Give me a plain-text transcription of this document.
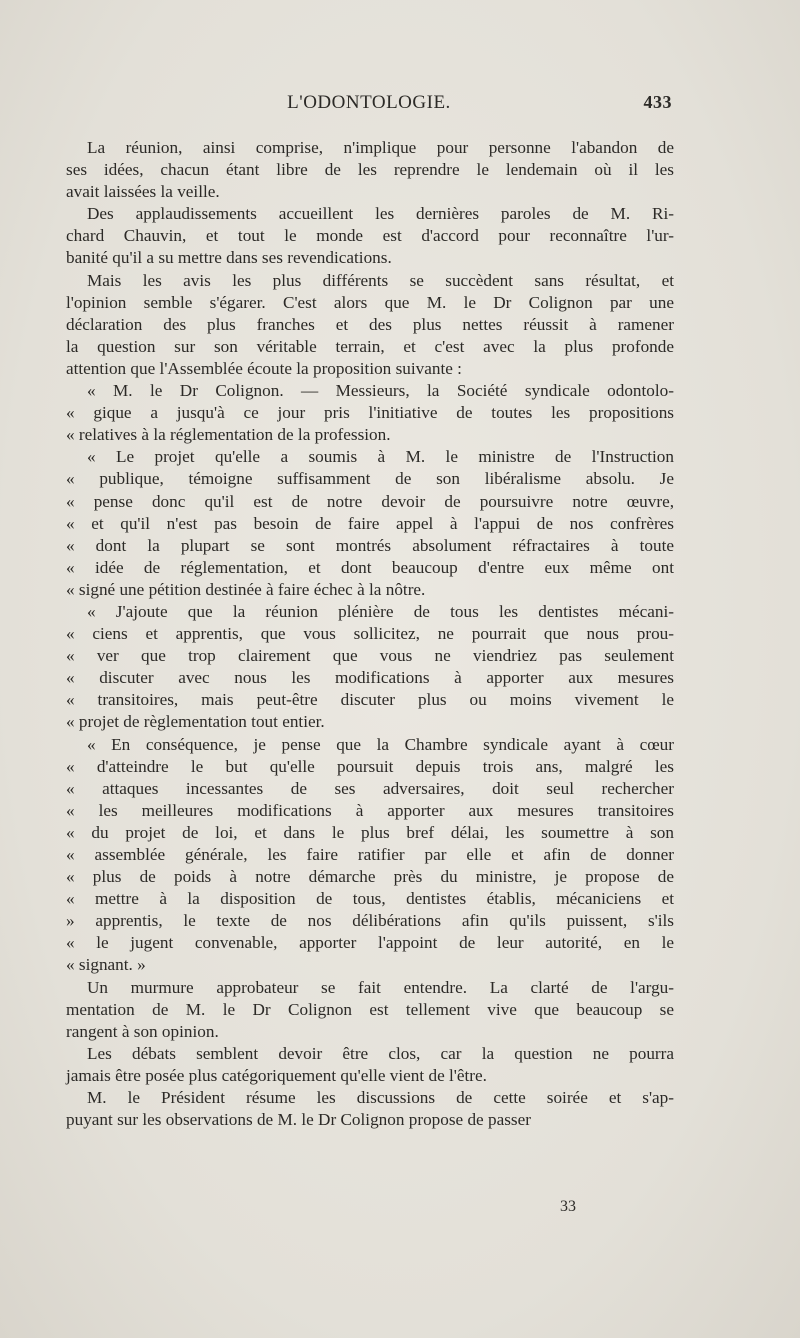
L'ODONTOLOGIE.	433
La réunion, ainsi comprise, n'implique pour personne l'abandon de
ses idées, chacun étant libre de les reprendre le lendemain où il les
avait laissées la veille.
Des applaudissements accueillent les dernières paroles de M. Ri-
chard Chauvin, et tout le monde est d'accord pour reconnaître l'ur-
banité qu'il a su mettre dans ses revendications.
Mais les avis les plus différents se succèdent sans résultat, et
l'opinion semble s'égarer. C'est alors que M. le Dr Colignon par une
déclaration des plus franches et des plus nettes réussit à ramener
la question sur son véritable terrain, et c'est avec la plus profonde
attention que l'Assemblée écoute la proposition suivante :
« M. le Dr Colignon. — Messieurs, la Société syndicale odontolo-
« gique a jusqu'à ce jour pris l'initiative de toutes les propositions
« relatives à la réglementation de la profession.
« Le projet qu'elle a soumis à M. le ministre de l'Instruction
« publique, témoigne suffisamment de son libéralisme absolu. Je
« pense donc qu'il est de notre devoir de poursuivre notre œuvre,
« et qu'il n'est pas besoin de faire appel à l'appui de nos confrères
« dont la plupart se sont montrés absolument réfractaires à toute
« idée de réglementation, et dont beaucoup d'entre eux même ont
« signé une pétition destinée à faire échec à la nôtre.
« J'ajoute que la réunion plénière de tous les dentistes mécani-
« ciens et apprentis, que vous sollicitez, ne pourrait que nous prou-
« ver que trop clairement que vous ne viendriez pas seulement
« discuter avec nous les modifications à apporter aux mesures
« transitoires, mais peut-être discuter plus ou moins vivement le
« projet de règlementation tout entier.
« En conséquence, je pense que la Chambre syndicale ayant à cœur
« d'atteindre le but qu'elle poursuit depuis trois ans, malgré les
« attaques incessantes de ses adversaires, doit seul rechercher
« les meilleures modifications à apporter aux mesures transitoires
« du projet de loi, et dans le plus bref délai, les soumettre à son
« assemblée générale, les faire ratifier par elle et afin de donner
« plus de poids à notre démarche près du ministre, je propose de
« mettre à la disposition de tous, dentistes établis, mécaniciens et
» apprentis, le texte de nos délibérations afin qu'ils puissent, s'ils
« le jugent convenable, apporter l'appoint de leur autorité, en le
« signant. »
Un murmure approbateur se fait entendre. La clarté de l'argu-
mentation de M. le Dr Colignon est tellement vive que beaucoup se
rangent à son opinion.
Les débats semblent devoir être clos, car la question ne pourra
jamais être posée plus catégoriquement qu'elle vient de l'être.
M. le Président résume les discussions de cette soirée et s'ap-
puyant sur les observations de M. le Dr Colignon propose de passer
33
